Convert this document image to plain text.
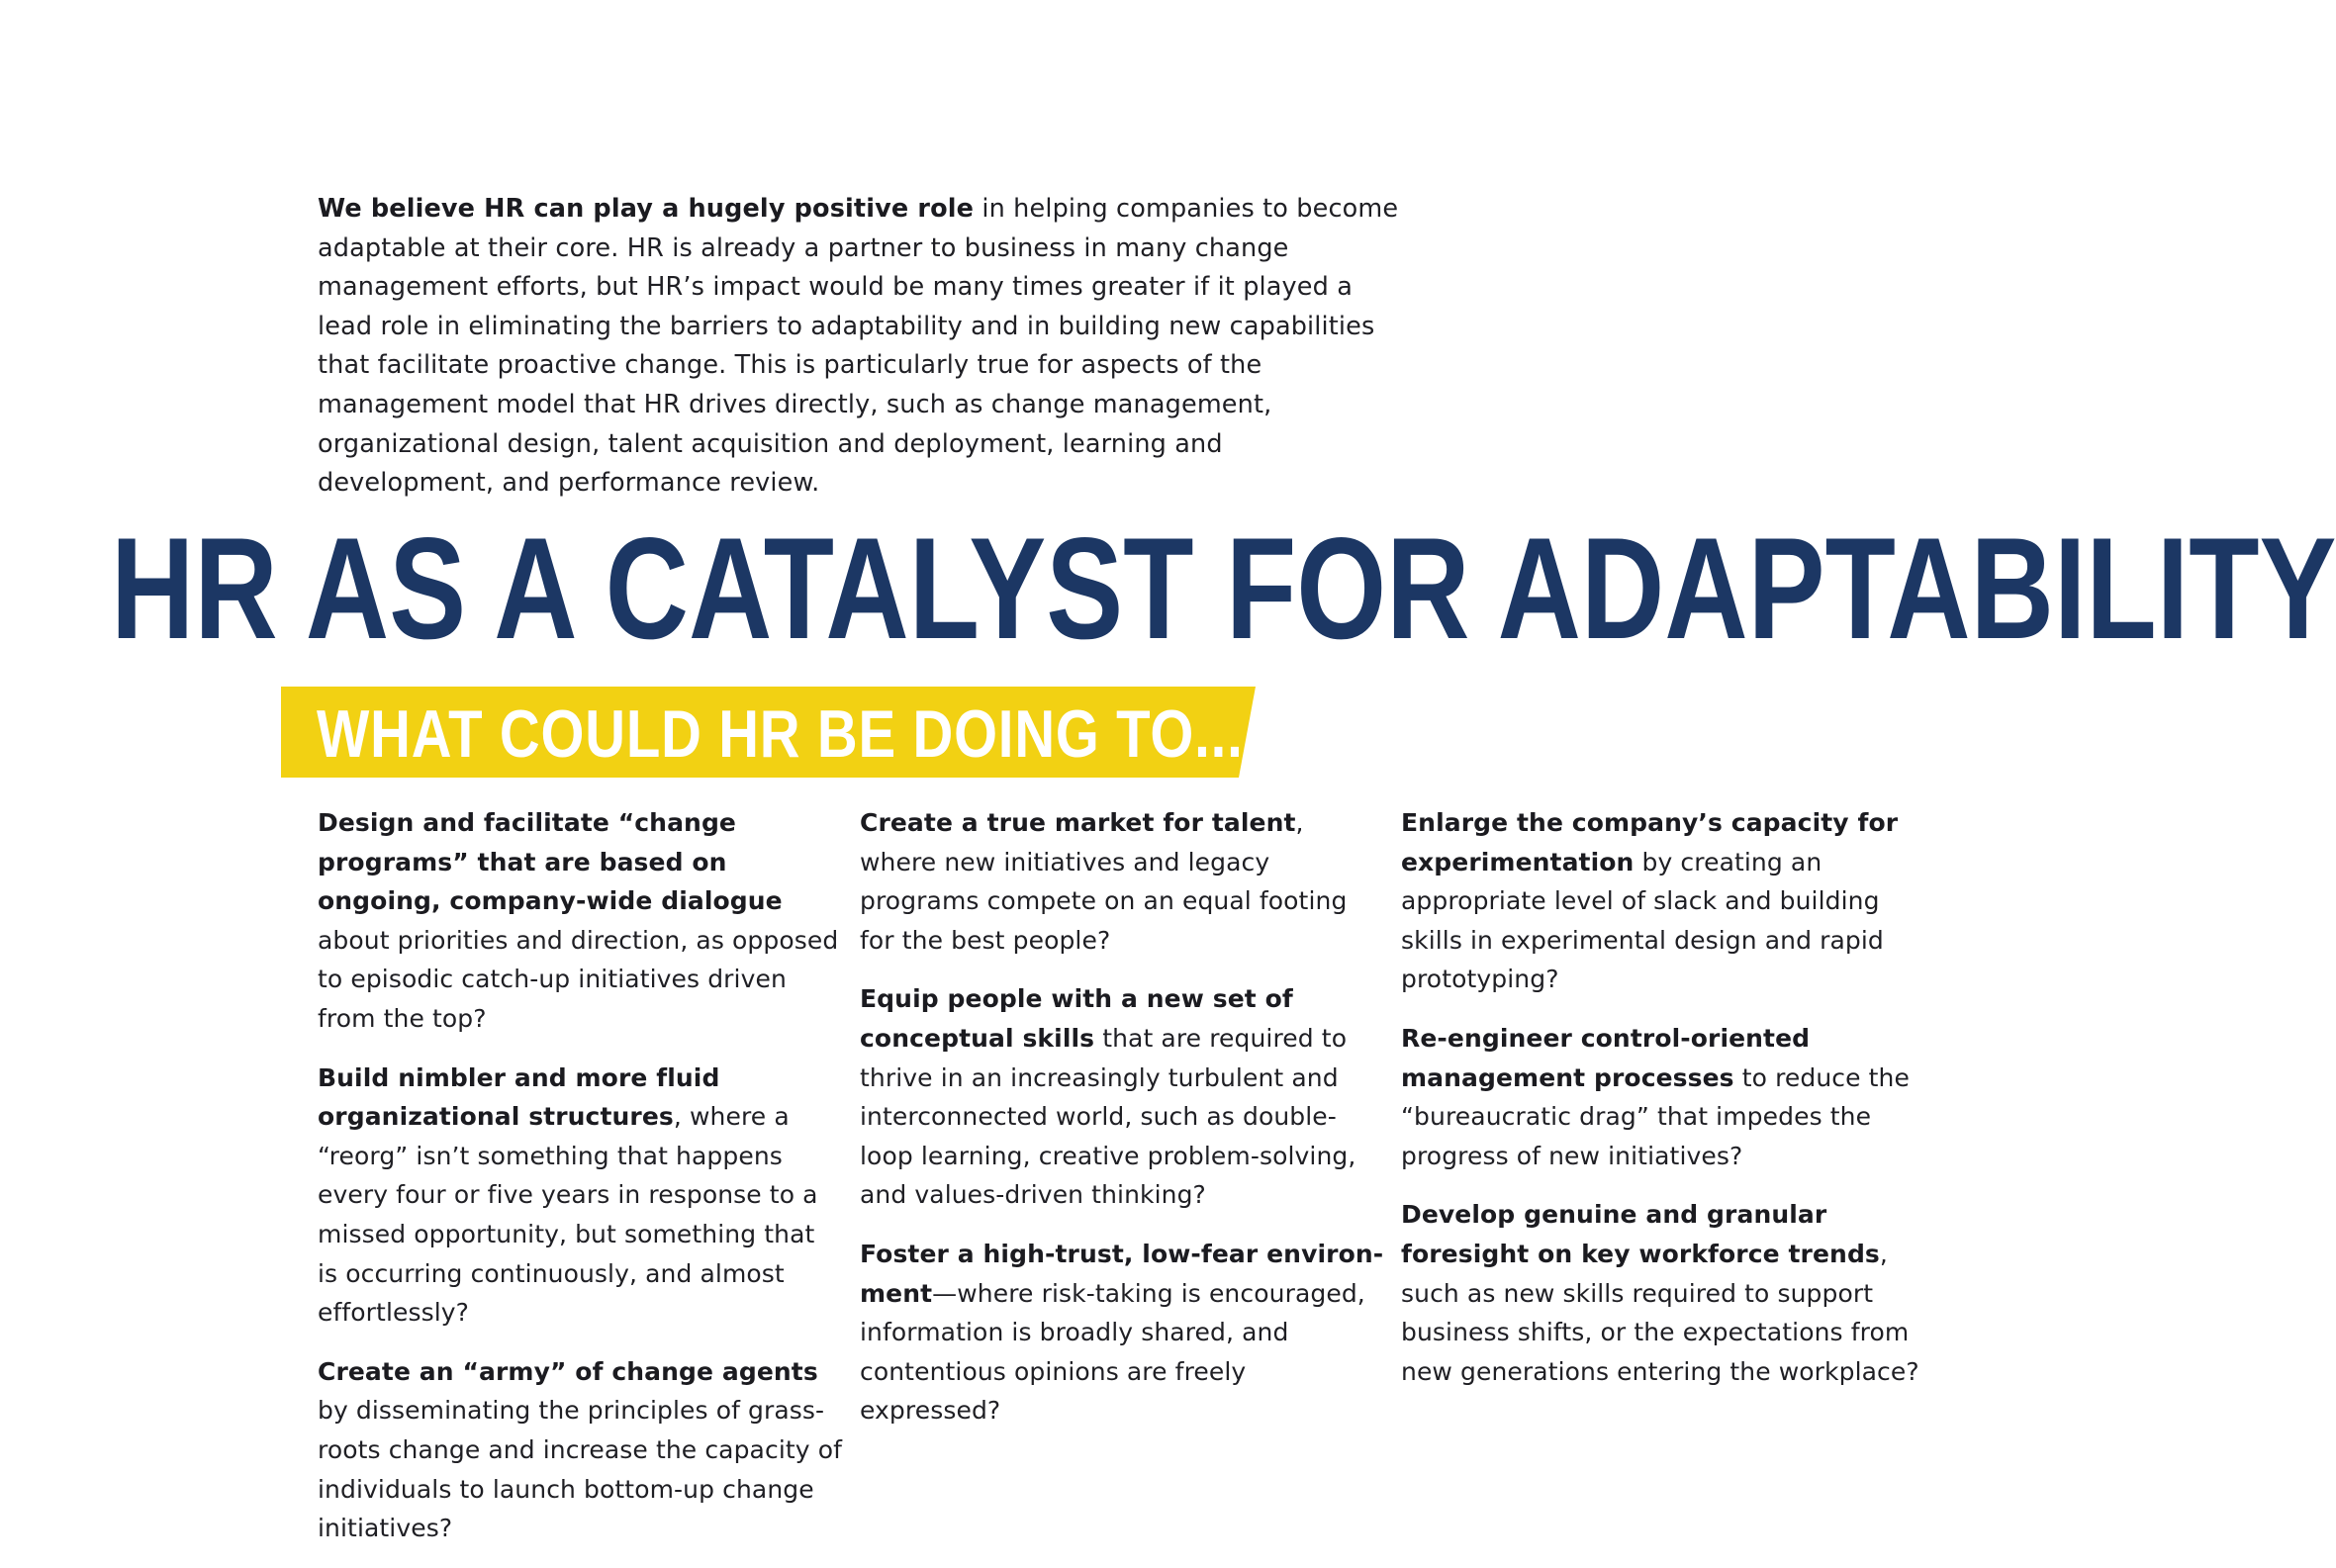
We believe HR can play a hugely positive role in helping companies to become adaptable at their core. HR is already a partner to business in many change management efforts, but HR’s impact would be many times greater if it played a lead role in eliminating the barriers to adaptability and in building new capabilities that facilitate proactive change. This is particularly true for aspects of the management model that HR drives directly, such as change management, organizational design, talent acquisition and deployment, learning and development, and performance review.

HR AS A CATALYST FOR ADAPTABILITY
WHAT COULD HR BE DOING TO...

Design and facilitate “change programs” that are based on ongoing, company-wide dialogue about priorities and direction, as opposed to episodic catch-up initiatives driven from the top?

Build nimbler and more fluid organizational structures, where a “reorg” isn’t something that happens every four or five years in response to a missed opportunity, but something that is occurring continuously, and almost effortlessly?

Create an “army” of change agents by disseminating the principles of grass-roots change and increase the capacity of individuals to launch bottom-up change initiatives?

Create a true market for talent, where new initiatives and legacy programs compete on an equal footing for the best people?

Equip people with a new set of conceptual skills that are required to thrive in an increasingly turbulent and interconnected world, such as double-loop learning, creative problem-solving, and values-driven thinking?

Foster a high-trust, low-fear environment—where risk-taking is encouraged, information is broadly shared, and contentious opinions are freely expressed?

Enlarge the company’s capacity for experimentation by creating an appropriate level of slack and building skills in experimental design and rapid prototyping?

Re-engineer control-oriented management processes to reduce the “bureaucratic drag” that impedes the progress of new initiatives?

Develop genuine and granular foresight on key workforce trends, such as new skills required to support business shifts, or the expectations from new generations entering the workplace?
